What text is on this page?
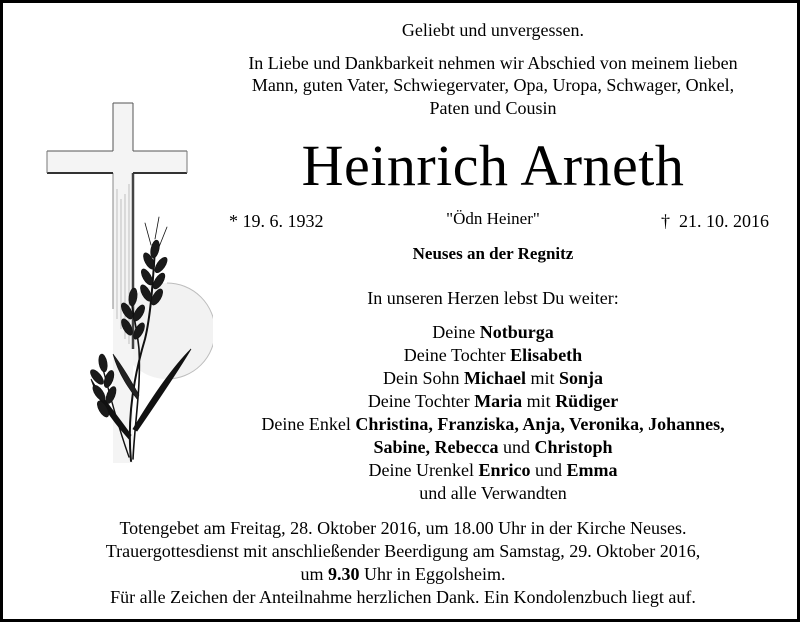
Geliebt und unvergessen.
In Liebe und Dankbarkeit nehmen wir Abschied von meinem lieben
Mann, guten Vater, Schwiegervater, Opa, Uropa, Schwager, Onkel,
Paten und Cousin
Heinrich Arneth
* 19. 6. 1932	"Ödn Heiner"	† 21. 10. 2016
Neuses an der Regnitz
In unseren Herzen lebst Du weiter:
Deine Notburga
Deine Tochter Elisabeth
Dein Sohn Michael mit Sonja
Deine Tochter Maria mit Rüdiger
Deine Enkel Christina, Franziska, Anja, Veronika, Johannes,
Sabine, Rebecca und Christoph
Deine Urenkel Enrico und Emma
und alle Verwandten
Totengebet am Freitag, 28. Oktober 2016, um 18.00 Uhr in der Kirche Neuses.
Trauergottesdienst mit anschließender Beerdigung am Samstag, 29. Oktober 2016,
um 9.30 Uhr in Eggolsheim.
Für alle Zeichen der Anteilnahme herzlichen Dank. Ein Kondolenzbuch liegt auf.
